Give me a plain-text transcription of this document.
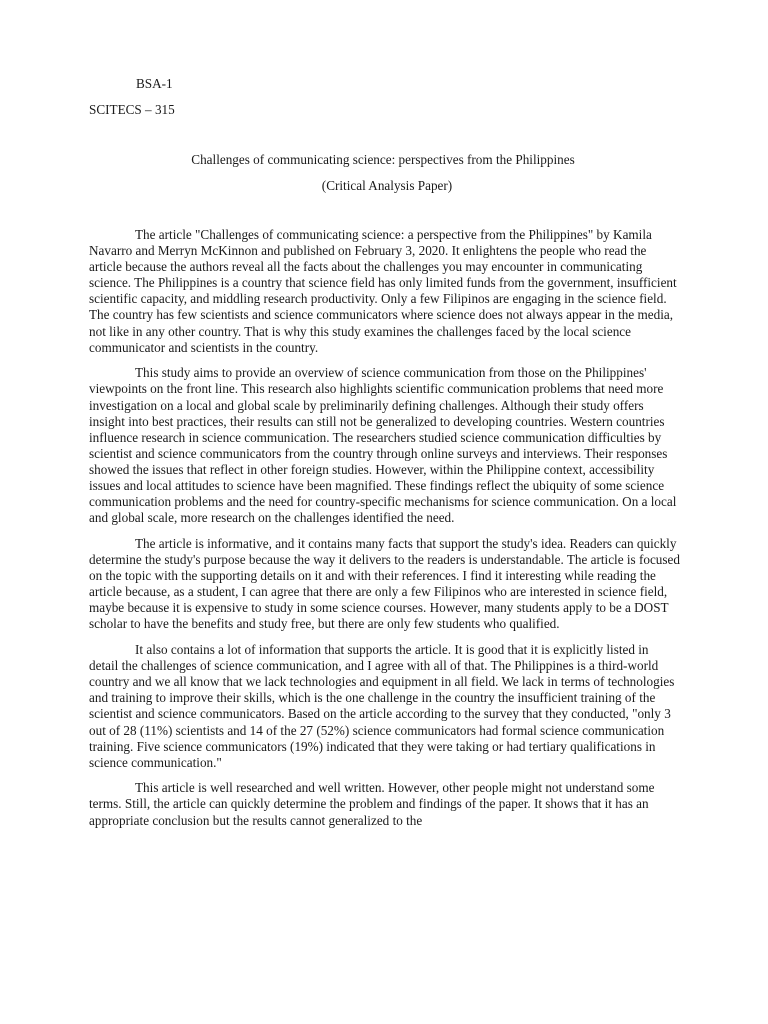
BSA-1
SCITECS – 315
Challenges of communicating science: perspectives from the Philippines
(Critical Analysis Paper)

The article "Challenges of communicating science: a perspective from the Philippines" by Kamila Navarro and Merryn McKinnon and published on February 3, 2020. It enlightens the people who read the article because the authors reveal all the facts about the challenges you may encounter in communicating science. The Philippines is a country that science field has only limited funds from the government, insufficient scientific capacity, and middling research productivity. Only a few Filipinos are engaging in the science field. The country has few scientists and science communicators where science does not always appear in the media, not like in any other country. That is why this study examines the challenges faced by the local science communicator and scientists in the country.

This study aims to provide an overview of science communication from those on the Philippines' viewpoints on the front line. This research also highlights scientific communication problems that need more investigation on a local and global scale by preliminarily defining challenges. Although their study offers insight into best practices, their results can still not be generalized to developing countries. Western countries influence research in science communication. The researchers studied science communication difficulties by scientist and science communicators from the country through online surveys and interviews. Their responses showed the issues that reflect in other foreign studies. However, within the Philippine context, accessibility issues and local attitudes to science have been magnified. These findings reflect the ubiquity of some science communication problems and the need for country-specific mechanisms for science communication. On a local and global scale, more research on the challenges identified the need.

The article is informative, and it contains many facts that support the study's idea. Readers can quickly determine the study's purpose because the way it delivers to the readers is understandable. The article is focused on the topic with the supporting details on it and with their references. I find it interesting while reading the article because, as a student, I can agree that there are only a few Filipinos who are interested in science field, maybe because it is expensive to study in some science courses. However, many students apply to be a DOST scholar to have the benefits and study free, but there are only few students who qualified.

It also contains a lot of information that supports the article. It is good that it is explicitly listed in detail the challenges of science communication, and I agree with all of that. The Philippines is a third-world country and we all know that we lack technologies and equipment in all field. We lack in terms of technologies and training to improve their skills, which is the one challenge in the country the insufficient training of the scientist and science communicators. Based on the article according to the survey that they conducted, "only 3 out of 28 (11%) scientists and 14 of the 27 (52%) science communicators had formal science communication training. Five science communicators (19%) indicated that they were taking or had tertiary qualifications in science communication."

This article is well researched and well written. However, other people might not understand some terms. Still, the article can quickly determine the problem and findings of the paper. It shows that it has an appropriate conclusion but the results cannot generalized to the
